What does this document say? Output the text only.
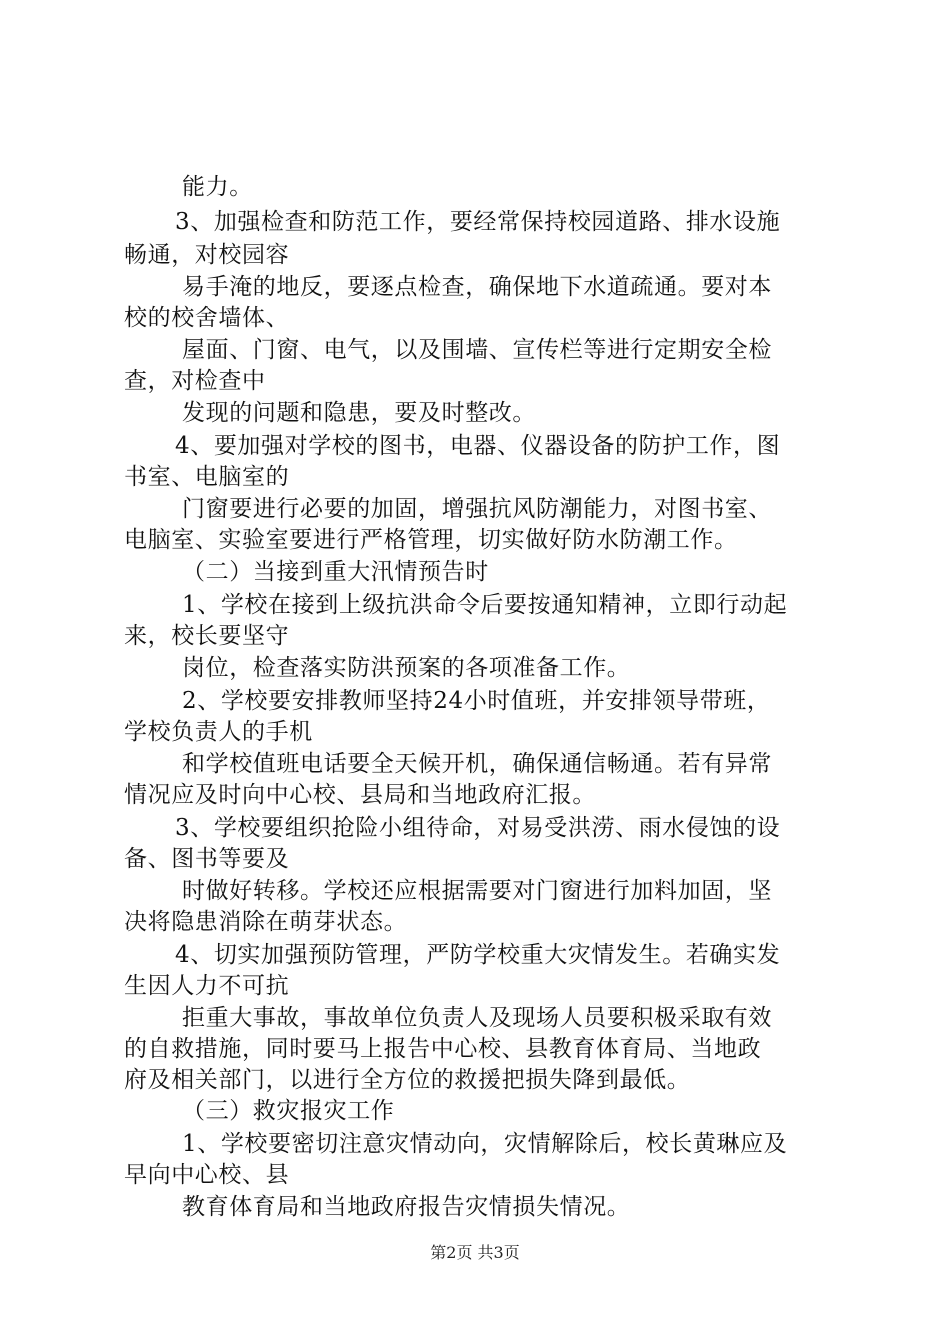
能力。
3、加强检查和防范工作，要经常保持校园道路、排水设施
畅通，对校园容
易手淹的地反，要逐点检查，确保地下水道疏通。要对本
校的校舍墙体、
屋面、门窗、电气，以及围墙、宣传栏等进行定期安全检
查，对检查中
发现的问题和隐患，要及时整改。
4、要加强对学校的图书，电器、仪器设备的防护工作，图
书室、电脑室的
门窗要进行必要的加固，增强抗风防潮能力，对图书室、
电脑室、实验室要进行严格管理，切实做好防水防潮工作。
（二）当接到重大汛情预告时
1、学校在接到上级抗洪命令后要按通知精神，立即行动起
来，校长要坚守
岗位，检查落实防洪预案的各项准备工作。
2、学校要安排教师坚持24小时值班，并安排领导带班，
学校负责人的手机
和学校值班电话要全天候开机，确保通信畅通。若有异常
情况应及时向中心校、县局和当地政府汇报。
3、学校要组织抢险小组待命，对易受洪涝、雨水侵蚀的设
备、图书等要及
时做好转移。学校还应根据需要对门窗进行加料加固，坚
决将隐患消除在萌芽状态。
4、切实加强预防管理，严防学校重大灾情发生。若确实发
生因人力不可抗
拒重大事故，事故单位负责人及现场人员要积极采取有效
的自救措施，同时要马上报告中心校、县教育体育局、当地政
府及相关部门，以进行全方位的救援把损失降到最低。
（三）救灾报灾工作
1、学校要密切注意灾情动向，灾情解除后，校长黄琳应及
早向中心校、县
教育体育局和当地政府报告灾情损失情况。
第2页 共3页
